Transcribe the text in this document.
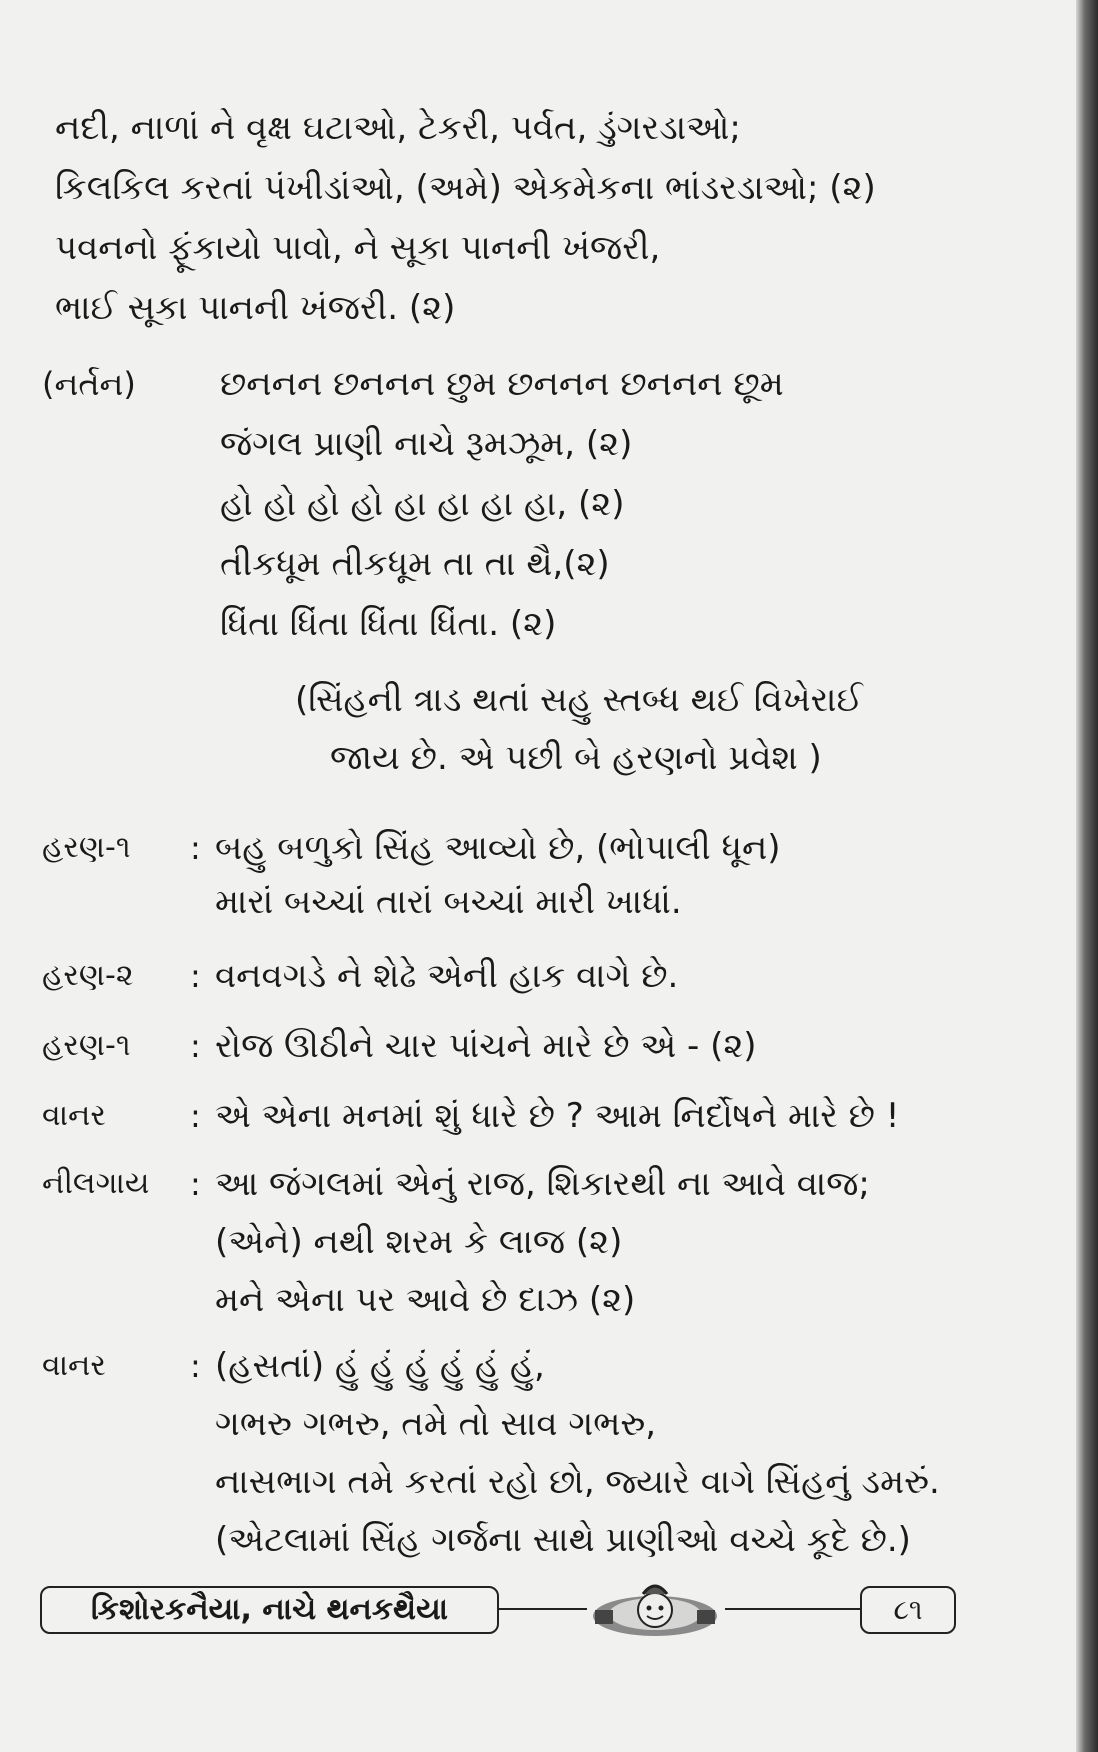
નદી, નાળાં ને વૃક્ષ ઘટાઓ, ટેકરી, પર્વત, ડુંગરડાઓ;
કિલકિલ કરતાં પંખીડાંઓ, (અમે) એકમેકના ભાંડરડાઓ; (૨)
પવનનો ફૂંકાયો પાવો, ને સૂકા પાનની ખંજરી,
ભાઈ સૂકા પાનની ખંજરી. (૨)
(નર્તન) છનનન છનનન છુમ છનનન છનનન છૂમ
જંગલ પ્રાણી નાચે રૂમઝૂમ, (૨)
હો હો હો હો હા હા હા હા, (૨)
તીકધૂમ તીકધૂમ તા તા થૈ,(૨)
ધિંતા ધિંતા ધિંતા ધિંતા. (૨)
(સિંહની ત્રાડ થતાં સહુ સ્તબ્ધ થઈ વિખેરાઈ
જાય છે. એ પછી બે હરણનો પ્રવેશ )
હરણ-૧ : બહુ બળુકો સિંહ આવ્યો છે, (ભોપાલી ધૂન)
મારાં બચ્ચાં તારાં બચ્ચાં મારી ખાધાં.
હરણ-૨ : વનવગડે ને શેઢે એની હાક વાગે છે.
હરણ-૧ : રોજ ઊઠીને ચાર પાંચને મારે છે એ - (૨)
વાનર	: એ એના મનમાં શું ધારે છે ? આમ નિર્દોષને મારે છે !
નીલગાય : આ જંગલમાં એનું રાજ, શિકારથી ના આવે વાજ;
(એને) નથી શરમ કે લાજ (૨)
મને એના પર આવે છે દાઝ (૨)
વાનર	: (હસતાં) હું હું હું હું હું હું,
ગભરુ ગભરુ, તમે તો સાવ ગભરુ,
નાસભાગ તમે કરતાં રહો છો, જ્યારે વાગે સિંહનું ડમરું.
(એટલામાં સિંહ ગર્જના સાથે પ્રાણીઓ વચ્ચે કૂદે છે.)
કિશોરકનૈયા, નાચે થનકથૈયા	૮૧
